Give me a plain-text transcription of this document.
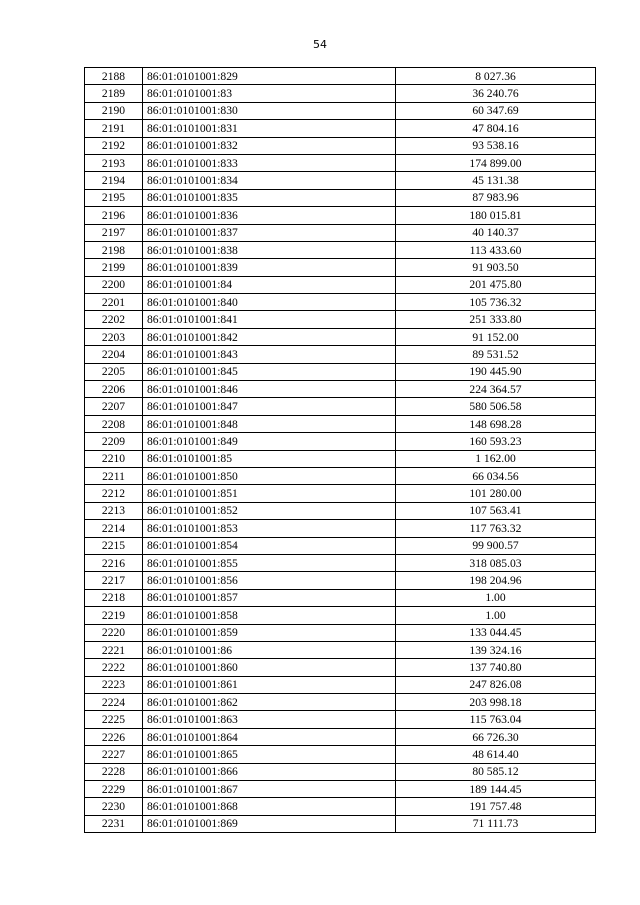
54
2188	86:01:0101001:829	8 027.36
2189	86:01:0101001:83	36 240.76
2190	86:01:0101001:830	60 347.69
2191	86:01:0101001:831	47 804.16
2192	86:01:0101001:832	93 538.16
2193	86:01:0101001:833	174 899.00
2194	86:01:0101001:834	45 131.38
2195	86:01:0101001:835	87 983.96
2196	86:01:0101001:836	180 015.81
2197	86:01:0101001:837	40 140.37
2198	86:01:0101001:838	113 433.60
2199	86:01:0101001:839	91 903.50
2200	86:01:0101001:84	201 475.80
2201	86:01:0101001:840	105 736.32
2202	86:01:0101001:841	251 333.80
2203	86:01:0101001:842	91 152.00
2204	86:01:0101001:843	89 531.52
2205	86:01:0101001:845	190 445.90
2206	86:01:0101001:846	224 364.57
2207	86:01:0101001:847	580 506.58
2208	86:01:0101001:848	148 698.28
2209	86:01:0101001:849	160 593.23
2210	86:01:0101001:85	1 162.00
2211	86:01:0101001:850	66 034.56
2212	86:01:0101001:851	101 280.00
2213	86:01:0101001:852	107 563.41
2214	86:01:0101001:853	117 763.32
2215	86:01:0101001:854	99 900.57
2216	86:01:0101001:855	318 085.03
2217	86:01:0101001:856	198 204.96
2218	86:01:0101001:857	1.00
2219	86:01:0101001:858	1.00
2220	86:01:0101001:859	133 044.45
2221	86:01:0101001:86	139 324.16
2222	86:01:0101001:860	137 740.80
2223	86:01:0101001:861	247 826.08
2224	86:01:0101001:862	203 998.18
2225	86:01:0101001:863	115 763.04
2226	86:01:0101001:864	66 726.30
2227	86:01:0101001:865	48 614.40
2228	86:01:0101001:866	80 585.12
2229	86:01:0101001:867	189 144.45
2230	86:01:0101001:868	191 757.48
2231	86:01:0101001:869	71 111.73
